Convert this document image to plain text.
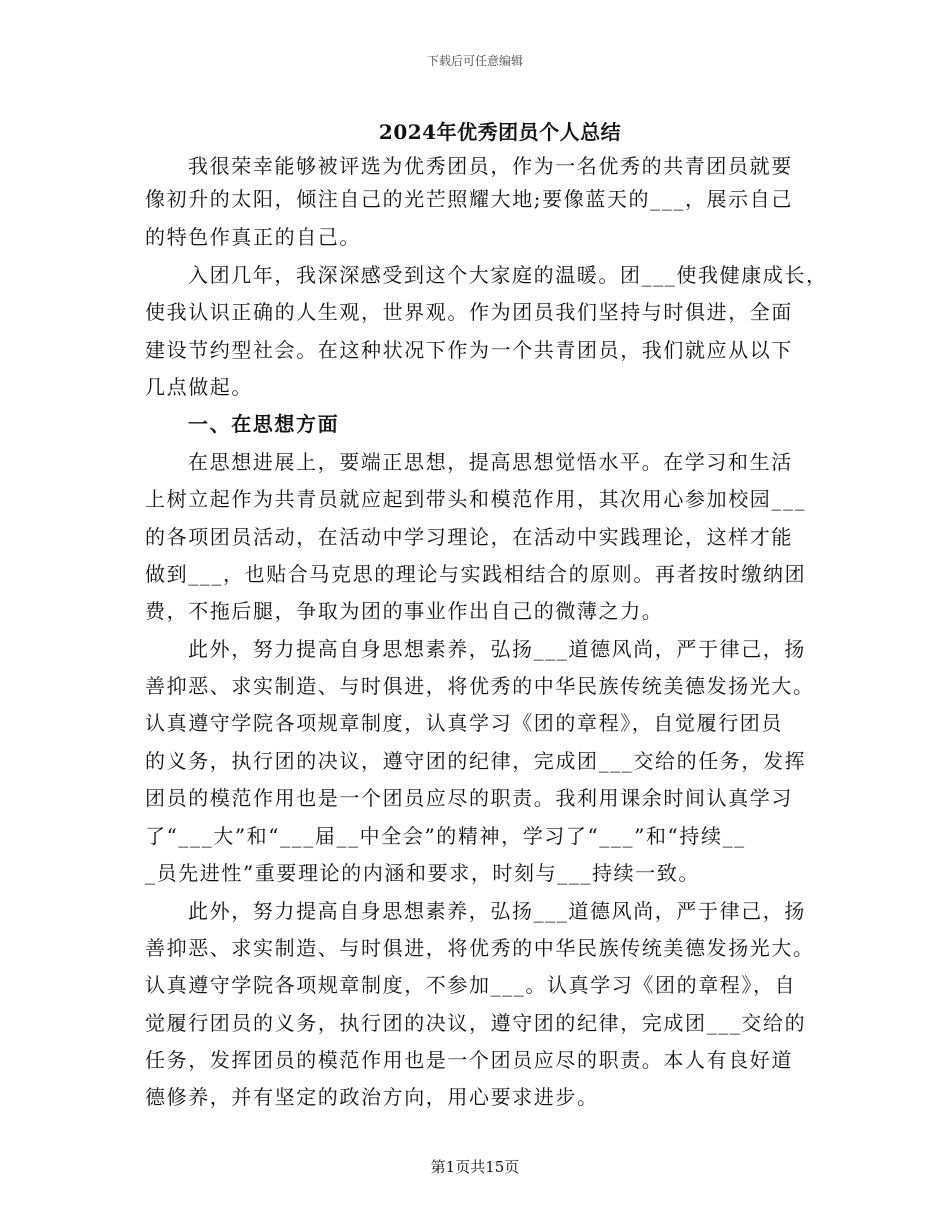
下载后可任意编辑
2024年优秀团员个人总结
我很荣幸能够被评选为优秀团员，作为一名优秀的共青团员就要
像初升的太阳，倾注自己的光芒照耀大地;要像蓝天的___，展示自己
的特色作真正的自己。
入团几年，我深深感受到这个大家庭的温暖。团___使我健康成长，
使我认识正确的人生观，世界观。作为团员我们坚持与时俱进，全面
建设节约型社会。在这种状况下作为一个共青团员，我们就应从以下
几点做起。
一、在思想方面
在思想进展上，要端正思想，提高思想觉悟水平。在学习和生活
上树立起作为共青员就应起到带头和模范作用，其次用心参加校园___
的各项团员活动，在活动中学习理论，在活动中实践理论，这样才能
做到___，也贴合马克思的理论与实践相结合的原则。再者按时缴纳团
费，不拖后腿，争取为团的事业作出自己的微薄之力。
此外，努力提高自身思想素养，弘扬___道德风尚，严于律己，扬
善抑恶、求实制造、与时俱进，将优秀的中华民族传统美德发扬光大。
认真遵守学院各项规章制度，认真学习《团的章程》，自觉履行团员
的义务，执行团的决议，遵守团的纪律，完成团___交给的任务，发挥
团员的模范作用也是一个团员应尽的职责。我利用课余时间认真学习
了“___大”和“___届__中全会”的精神，学习了“___”和“持续__
_员先进性”重要理论的内涵和要求，时刻与___持续一致。
此外，努力提高自身思想素养，弘扬___道德风尚，严于律己，扬
善抑恶、求实制造、与时俱进，将优秀的中华民族传统美德发扬光大。
认真遵守学院各项规章制度，不参加___。认真学习《团的章程》，自
觉履行团员的义务，执行团的决议，遵守团的纪律，完成团___交给的
任务，发挥团员的模范作用也是一个团员应尽的职责。本人有良好道
德修养，并有坚定的政治方向，用心要求进步。
第1页共15页
